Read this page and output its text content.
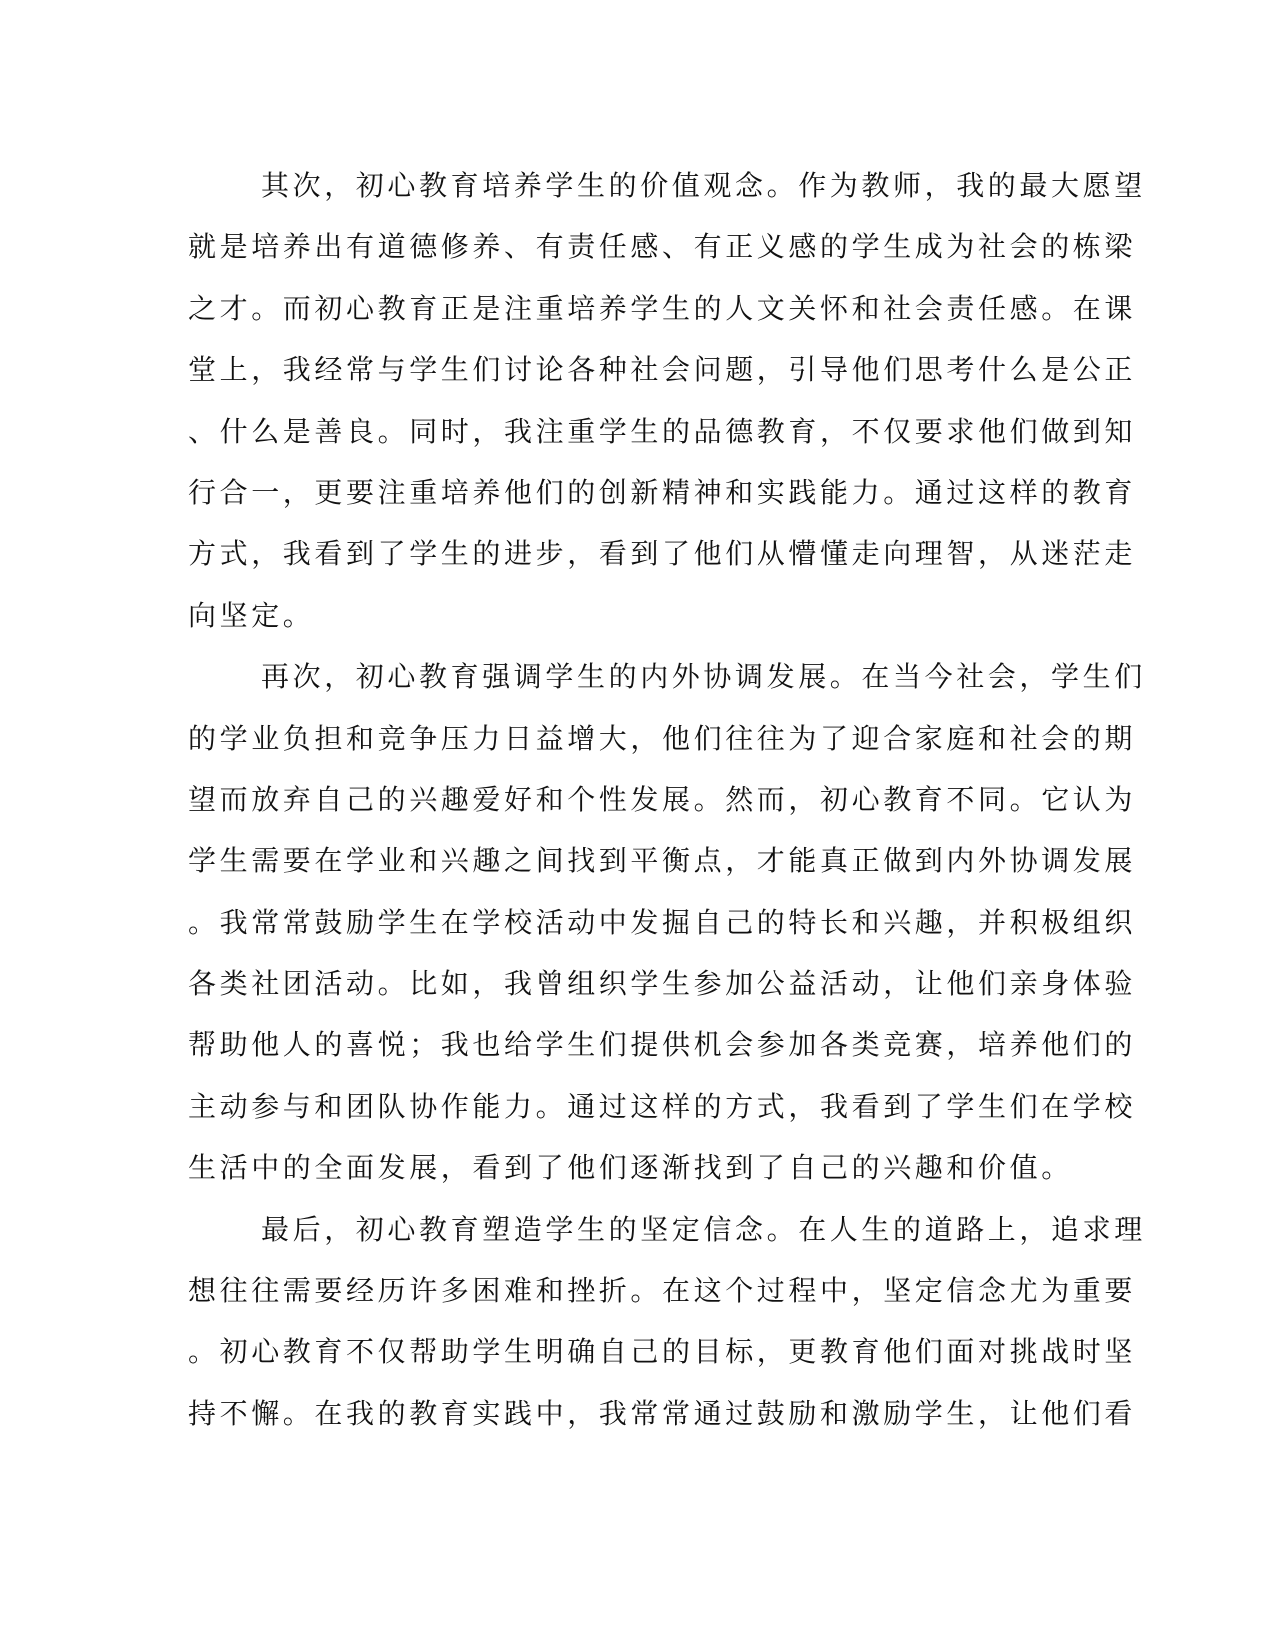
其次，初心教育培养学生的价值观念。作为教师，我的最大愿望
就是培养出有道德修养、有责任感、有正义感的学生成为社会的栋梁
之才。而初心教育正是注重培养学生的人文关怀和社会责任感。在课
堂上，我经常与学生们讨论各种社会问题，引导他们思考什么是公正
、什么是善良。同时，我注重学生的品德教育，不仅要求他们做到知
行合一，更要注重培养他们的创新精神和实践能力。通过这样的教育
方式，我看到了学生的进步，看到了他们从懵懂走向理智，从迷茫走
向坚定。
再次，初心教育强调学生的内外协调发展。在当今社会，学生们
的学业负担和竞争压力日益增大，他们往往为了迎合家庭和社会的期
望而放弃自己的兴趣爱好和个性发展。然而，初心教育不同。它认为
学生需要在学业和兴趣之间找到平衡点，才能真正做到内外协调发展
。我常常鼓励学生在学校活动中发掘自己的特长和兴趣，并积极组织
各类社团活动。比如，我曾组织学生参加公益活动，让他们亲身体验
帮助他人的喜悦；我也给学生们提供机会参加各类竞赛，培养他们的
主动参与和团队协作能力。通过这样的方式，我看到了学生们在学校
生活中的全面发展，看到了他们逐渐找到了自己的兴趣和价值。
最后，初心教育塑造学生的坚定信念。在人生的道路上，追求理
想往往需要经历许多困难和挫折。在这个过程中，坚定信念尤为重要
。初心教育不仅帮助学生明确自己的目标，更教育他们面对挑战时坚
持不懈。在我的教育实践中，我常常通过鼓励和激励学生，让他们看
